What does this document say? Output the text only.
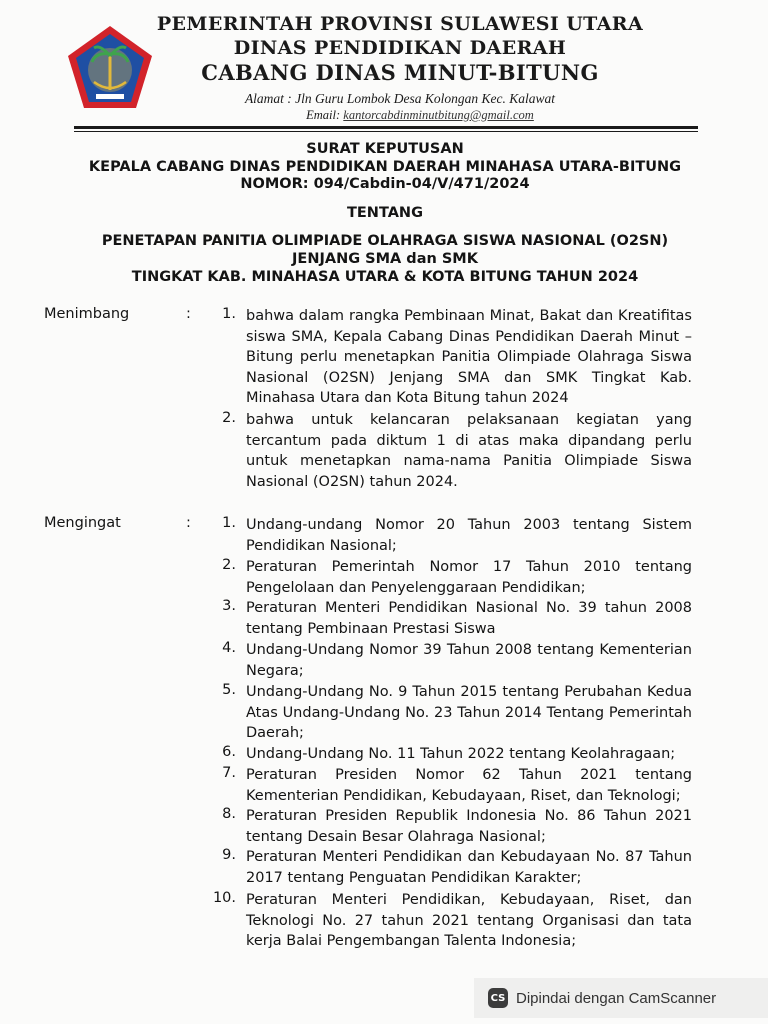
PEMERINTAH PROVINSI SULAWESI UTARA
DINAS PENDIDIKAN DAERAH
CABANG DINAS MINUT-BITUNG
Alamat : Jln Guru Lombok Desa Kolongan Kec. Kalawat
Email: kantorcabdinminutbitung@gmail.com
SURAT KEPUTUSAN
KEPALA CABANG DINAS PENDIDIKAN DAERAH MINAHASA UTARA-BITUNG
NOMOR: 094/Cabdin-04/V/471/2024
TENTANG
PENETAPAN PANITIA OLIMPIADE OLAHRAGA SISWA NASIONAL (O2SN)
JENJANG SMA dan SMK
TINGKAT KAB. MINAHASA UTARA & KOTA BITUNG TAHUN 2024
Menimbang	:	1. bahwa dalam rangka Pembinaan Minat, Bakat dan Kreatifitas siswa SMA, Kepala Cabang Dinas Pendidikan Daerah Minut – Bitung perlu menetapkan Panitia Olimpiade Olahraga Siswa Nasional (O2SN) Jenjang SMA dan SMK Tingkat Kab. Minahasa Utara dan Kota Bitung tahun 2024
2. bahwa untuk kelancaran pelaksanaan kegiatan yang tercantum pada diktum 1 di atas maka dipandang perlu untuk menetapkan nama-nama Panitia Olimpiade Siswa Nasional (O2SN) tahun 2024.
Mengingat	:	1. Undang-undang Nomor 20 Tahun 2003 tentang Sistem Pendidikan Nasional;
2. Peraturan Pemerintah Nomor 17 Tahun 2010 tentang Pengelolaan dan Penyelenggaraan Pendidikan;
3. Peraturan Menteri Pendidikan Nasional No. 39 tahun 2008 tentang Pembinaan Prestasi Siswa
4. Undang-Undang Nomor 39 Tahun 2008 tentang Kementerian Negara;
5. Undang-Undang No. 9 Tahun 2015 tentang Perubahan Kedua Atas Undang-Undang No. 23 Tahun 2014 Tentang Pemerintah Daerah;
6. Undang-Undang No. 11 Tahun 2022 tentang Keolahragaan;
7. Peraturan Presiden Nomor 62 Tahun 2021 tentang Kementerian Pendidikan, Kebudayaan, Riset, dan Teknologi;
8. Peraturan Presiden Republik Indonesia No. 86 Tahun 2021 tentang Desain Besar Olahraga Nasional;
9. Peraturan Menteri Pendidikan dan Kebudayaan No. 87 Tahun 2017 tentang Penguatan Pendidikan Karakter;
10. Peraturan Menteri Pendidikan, Kebudayaan, Riset, dan Teknologi No. 27 tahun 2021 tentang Organisasi dan tata kerja Balai Pengembangan Talenta Indonesia;
CS Dipindai dengan CamScanner
